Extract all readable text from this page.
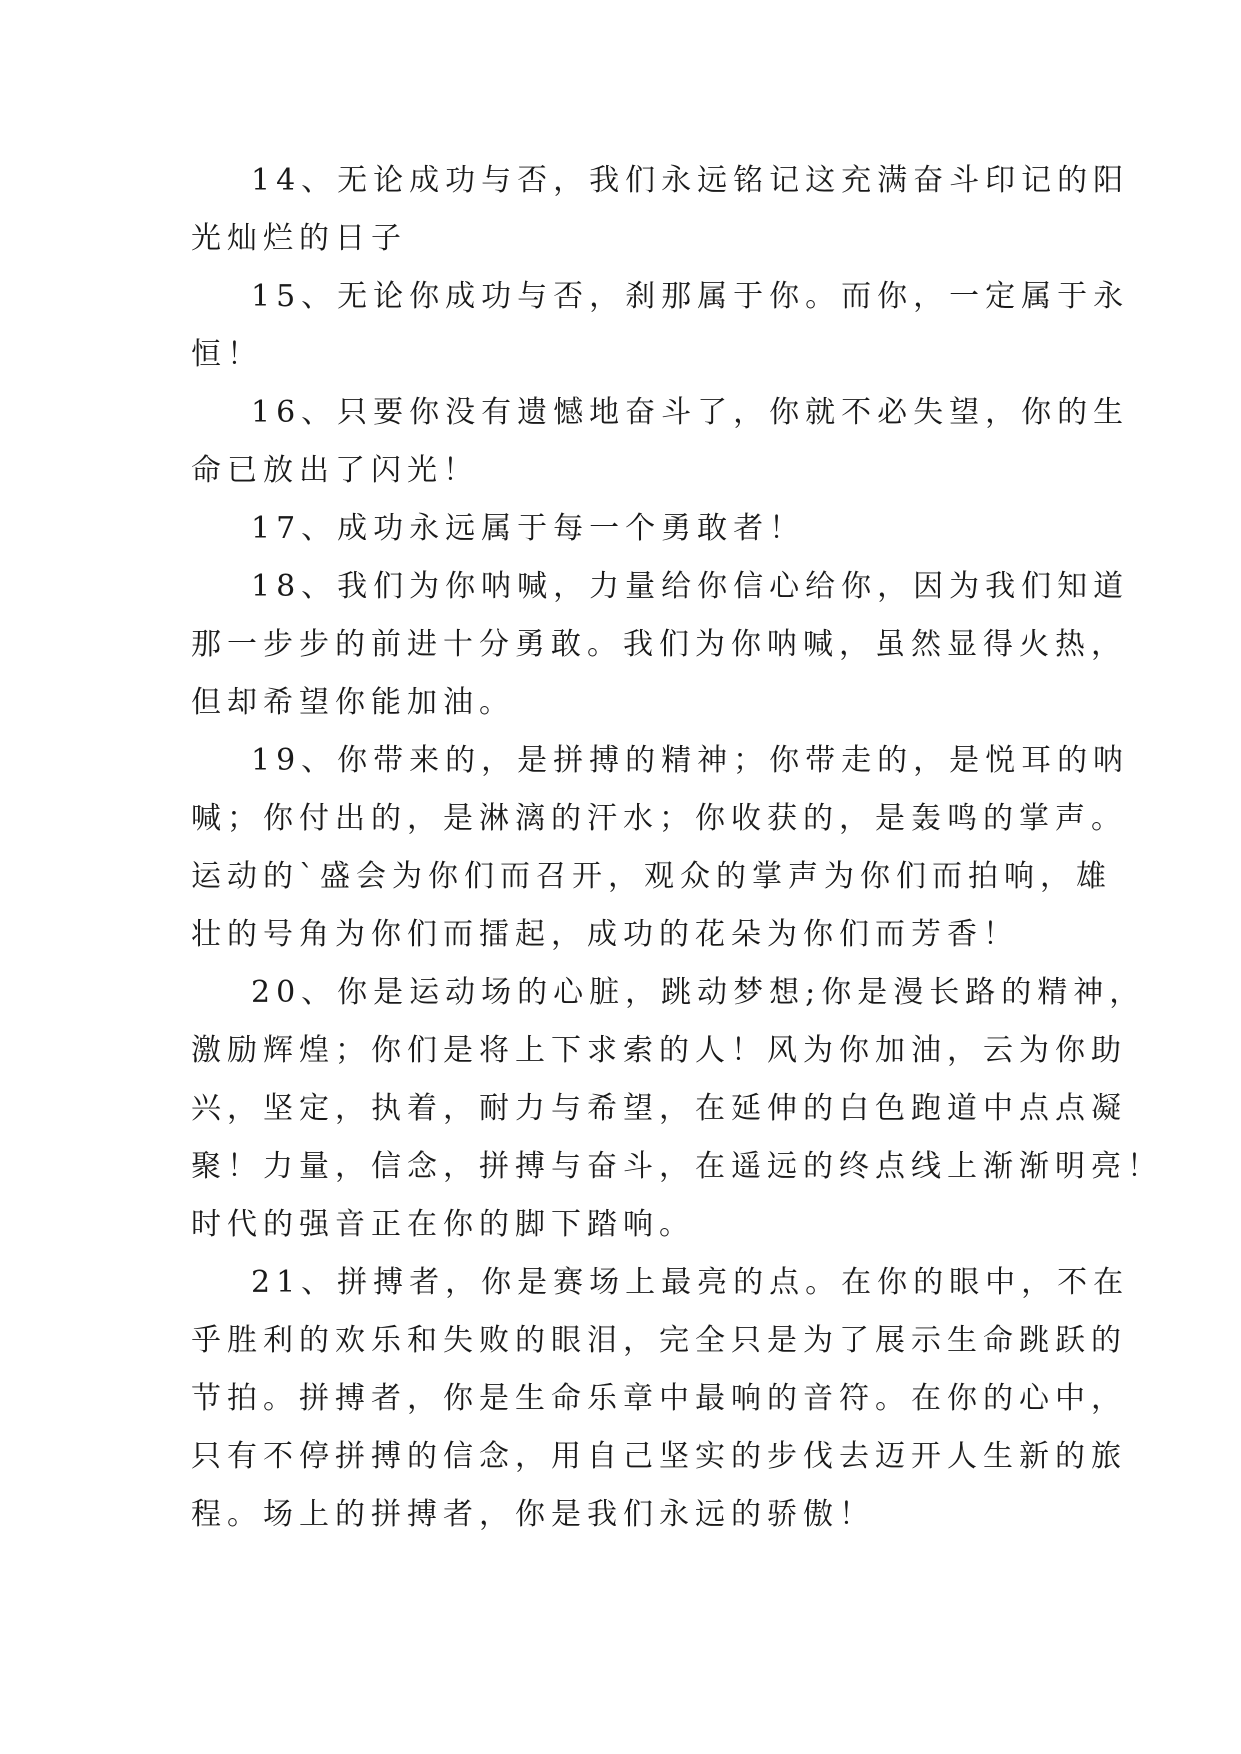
14、无论成功与否，我们永远铭记这充满奋斗印记的阳
光灿烂的日子
15、无论你成功与否，刹那属于你。而你，一定属于永
恒！
16、只要你没有遗憾地奋斗了，你就不必失望，你的生
命已放出了闪光！
17、成功永远属于每一个勇敢者！
18、我们为你呐喊，力量给你信心给你，因为我们知道
那一步步的前进十分勇敢。我们为你呐喊，虽然显得火热，
但却希望你能加油。
19、你带来的，是拼搏的精神；你带走的，是悦耳的呐
喊；你付出的，是淋漓的汗水；你收获的，是轰鸣的掌声。
运动的`盛会为你们而召开，观众的掌声为你们而拍响，雄
壮的号角为你们而擂起，成功的花朵为你们而芳香！
20、你是运动场的心脏，跳动梦想;你是漫长路的精神，
激励辉煌；你们是将上下求索的人！风为你加油，云为你助
兴，坚定，执着，耐力与希望，在延伸的白色跑道中点点凝
聚！力量，信念，拼搏与奋斗，在遥远的终点线上渐渐明亮！
时代的强音正在你的脚下踏响。
21、拼搏者，你是赛场上最亮的点。在你的眼中，不在
乎胜利的欢乐和失败的眼泪，完全只是为了展示生命跳跃的
节拍。拼搏者，你是生命乐章中最响的音符。在你的心中，
只有不停拼搏的信念，用自己坚实的步伐去迈开人生新的旅
程。场上的拼搏者，你是我们永远的骄傲！
